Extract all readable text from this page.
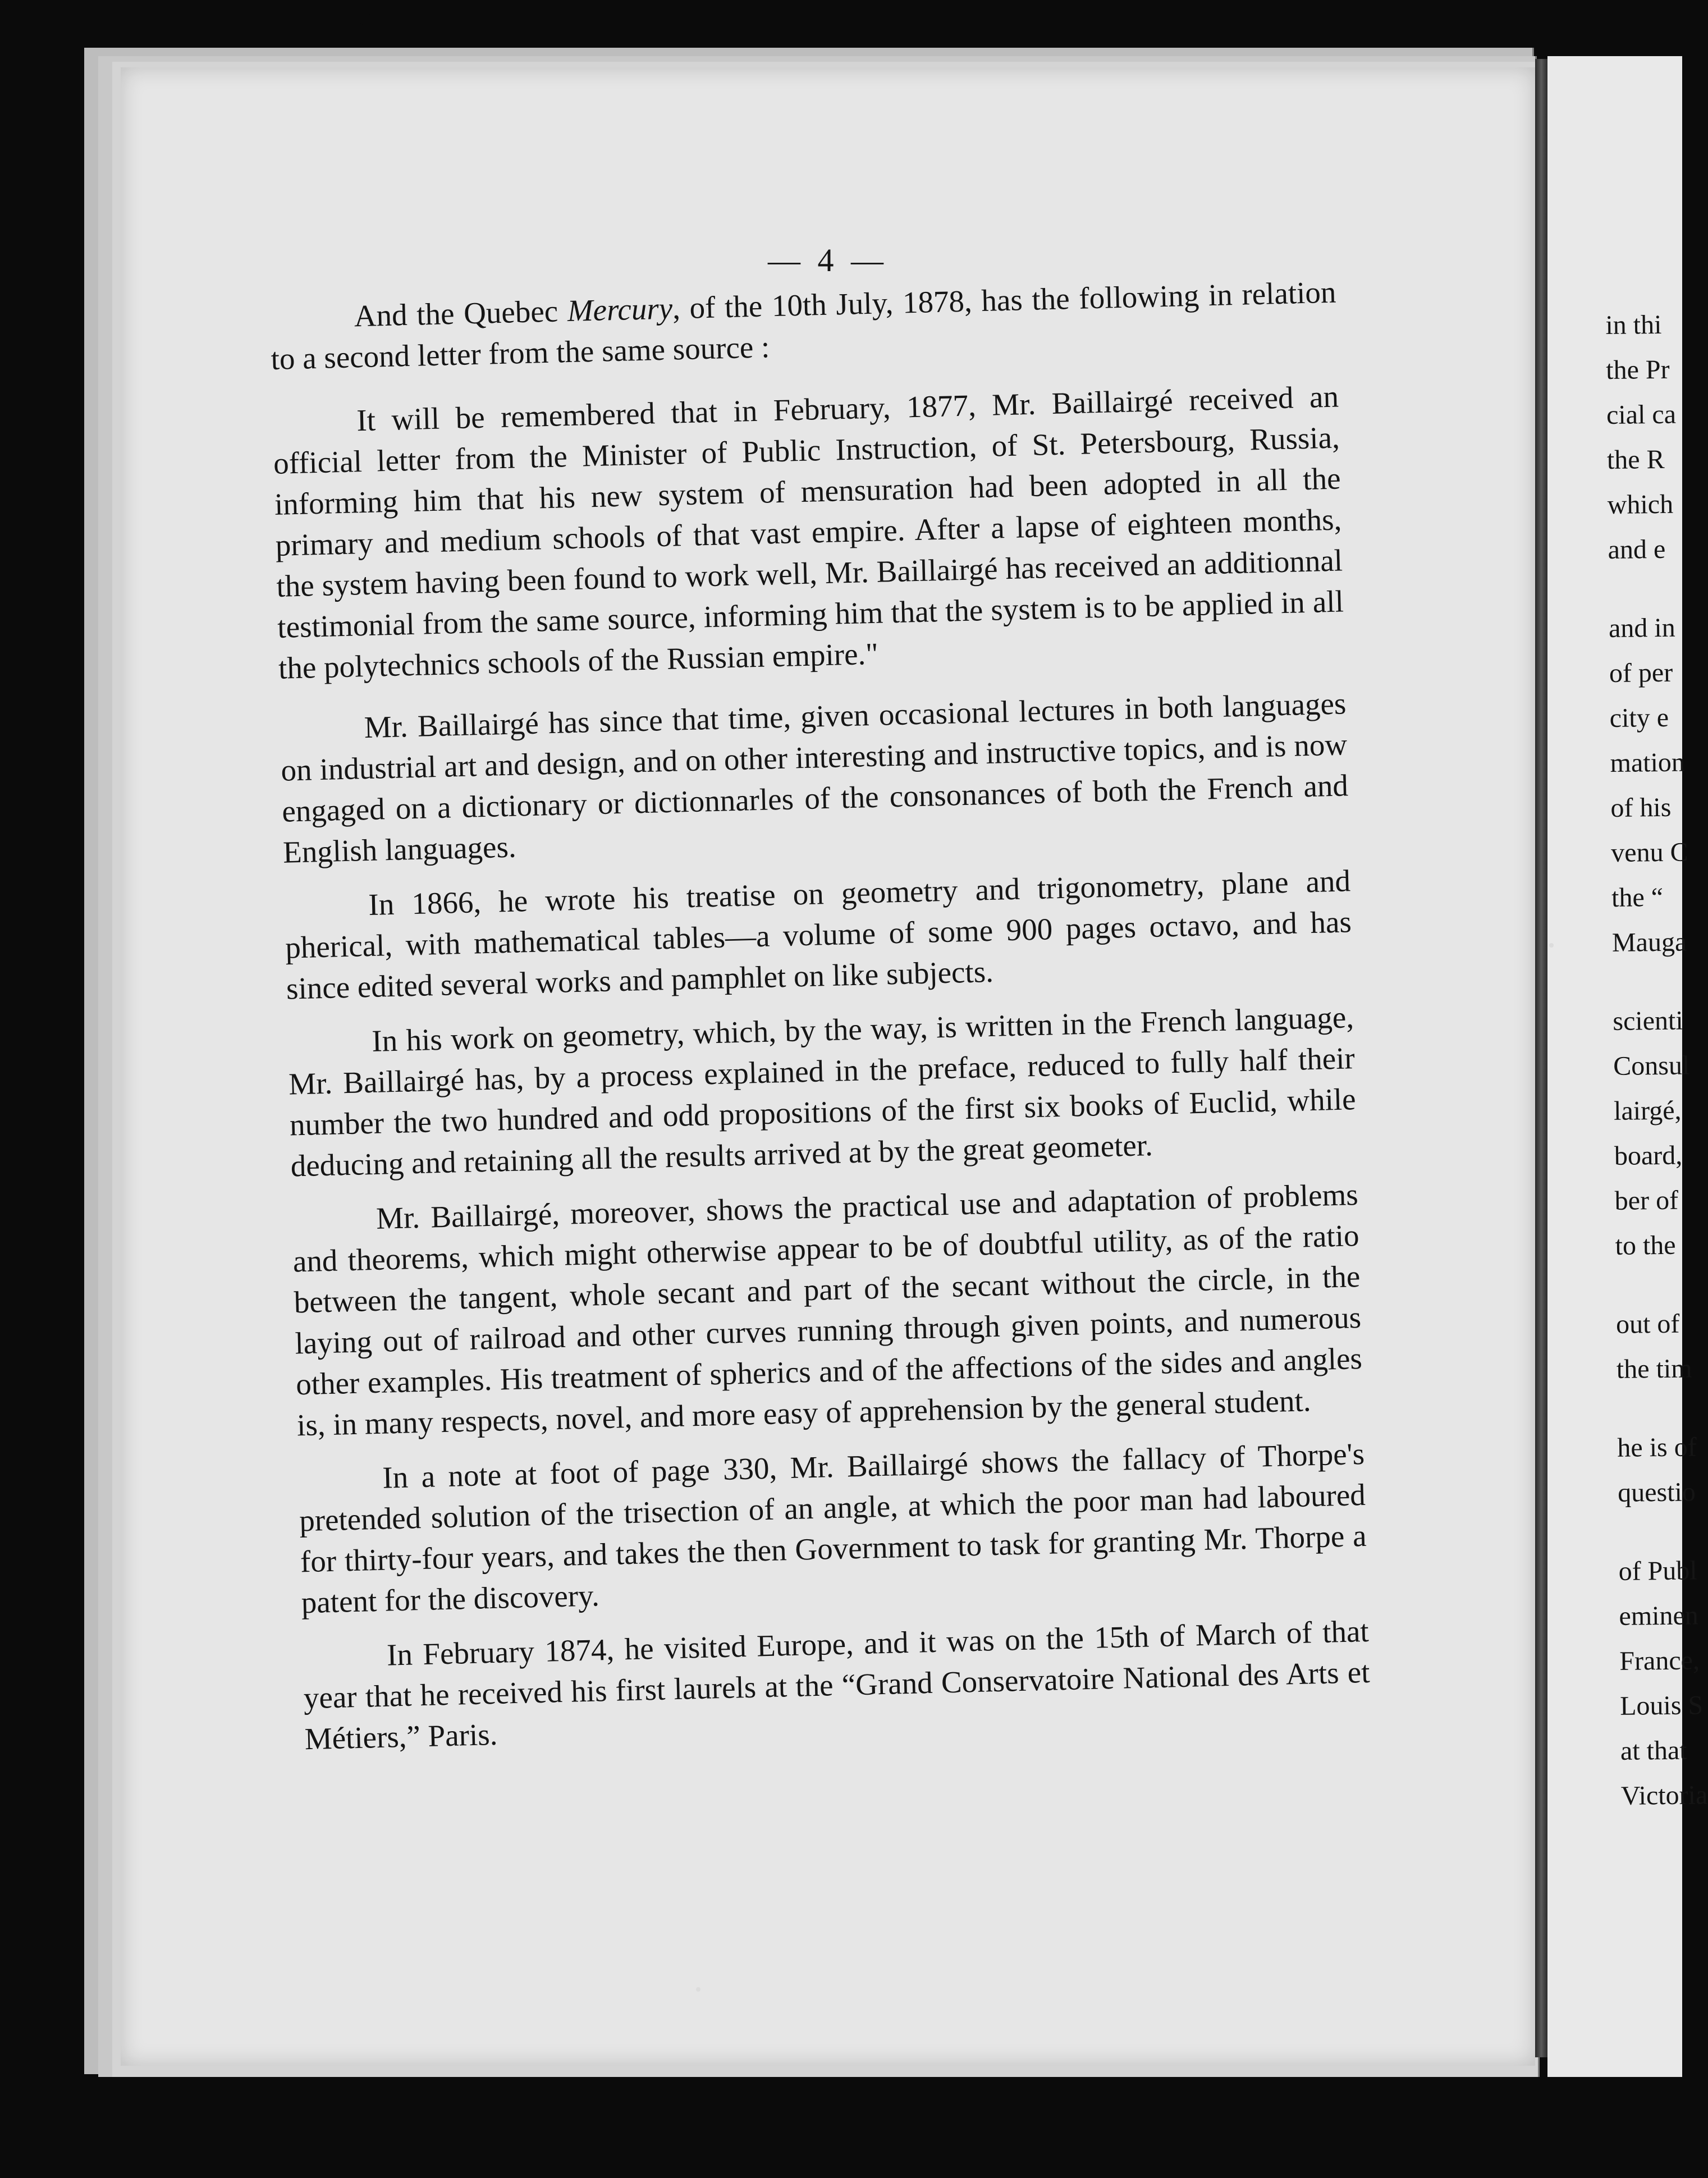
— 4 —

And the Quebec Mercury, of the 10th July, 1878, has the following in relation to a second letter from the same source :

It will be remembered that in February, 1877, Mr. Baillairgé received an official letter from the Minister of Public Instruction, of St. Petersbourg, Russia, informing him that his new system of mensuration had been adopted in all the primary and medium schools of that vast empire. After a lapse of eighteen months, the system having been found to work well, Mr. Baillairgé has received an additionnal testimonial from the same source, informing him that the system is to be applied in all the polytechnics schools of the Russian empire."

Mr. Baillairgé has since that time, given occasional lectures in both languages on industrial art and design, and on other interesting and instructive topics, and is now engaged on a dictionary or dictionnarles of the consonances of both the French and English languages.

In 1866, he wrote his treatise on geometry and trigonometry, plane and pherical, with mathematical tables—a volume of some 900 pages octavo, and has since edited several works and pamphlet on like subjects.

In his work on geometry, which, by the way, is written in the French language, Mr. Baillairgé has, by a process explained in the preface, reduced to fully half their number the two hundred and odd propositions of the first six books of Euclid, while deducing and retaining all the results arrived at by the great geometer.

Mr. Baillairgé, moreover, shows the practical use and adaptation of problems and theorems, which might otherwise appear to be of doubtful utility, as of the ratio between the tangent, whole secant and part of the secant without the circle, in the laying out of railroad and other curves running through given points, and numerous other examples. His treatment of spherics and of the affections of the sides and angles is, in many respects, novel, and more easy of apprehension by the general student.

In a note at foot of page 330, Mr. Baillairgé shows the fallacy of Thorpe's pretended solution of the trisection of an angle, at which the poor man had laboured for thirty-four years, and takes the then Government to task for granting Mr. Thorpe a patent for the discovery.

In February 1874, he visited Europe, and it was on the 15th of March of that year that he received his first laurels at the “Grand Conservatoire National des Arts et Métiers,” Paris.

in thi
the Pr
cial ca
the R
which
and e
and in
of per
city e
mation
of his
venu C
the “
Mauga
scienti
Consul
lairgé,
board,
ber of
to the
out of
the tim
he is of
questio
of Publ
eminen
France,
Louis S
at that
Victoria
